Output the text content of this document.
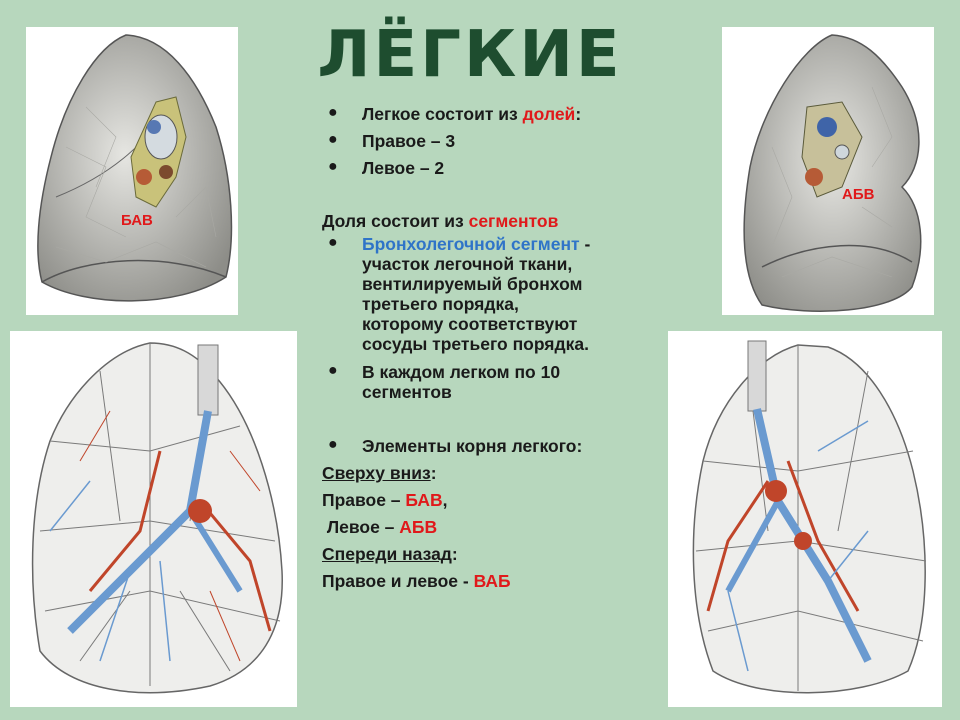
БАВ
АБВ
ЛЁГКИЕ
● Легкое состоит из долей:
● Правое – 3
● Левое – 2
Доля состоит из сегментов
● Бронхолегочной сегмент -
участок легочной ткани,
вентилируемый бронхом
третьего порядка,
которому соответствуют
сосуды третьего порядка.
● В каждом легком по 10
сегментов
● Элементы корня легкого:
Сверху вниз:
Правое – БАВ,
Левое – АБВ
Спереди назад:
Правое и левое - ВАБ
